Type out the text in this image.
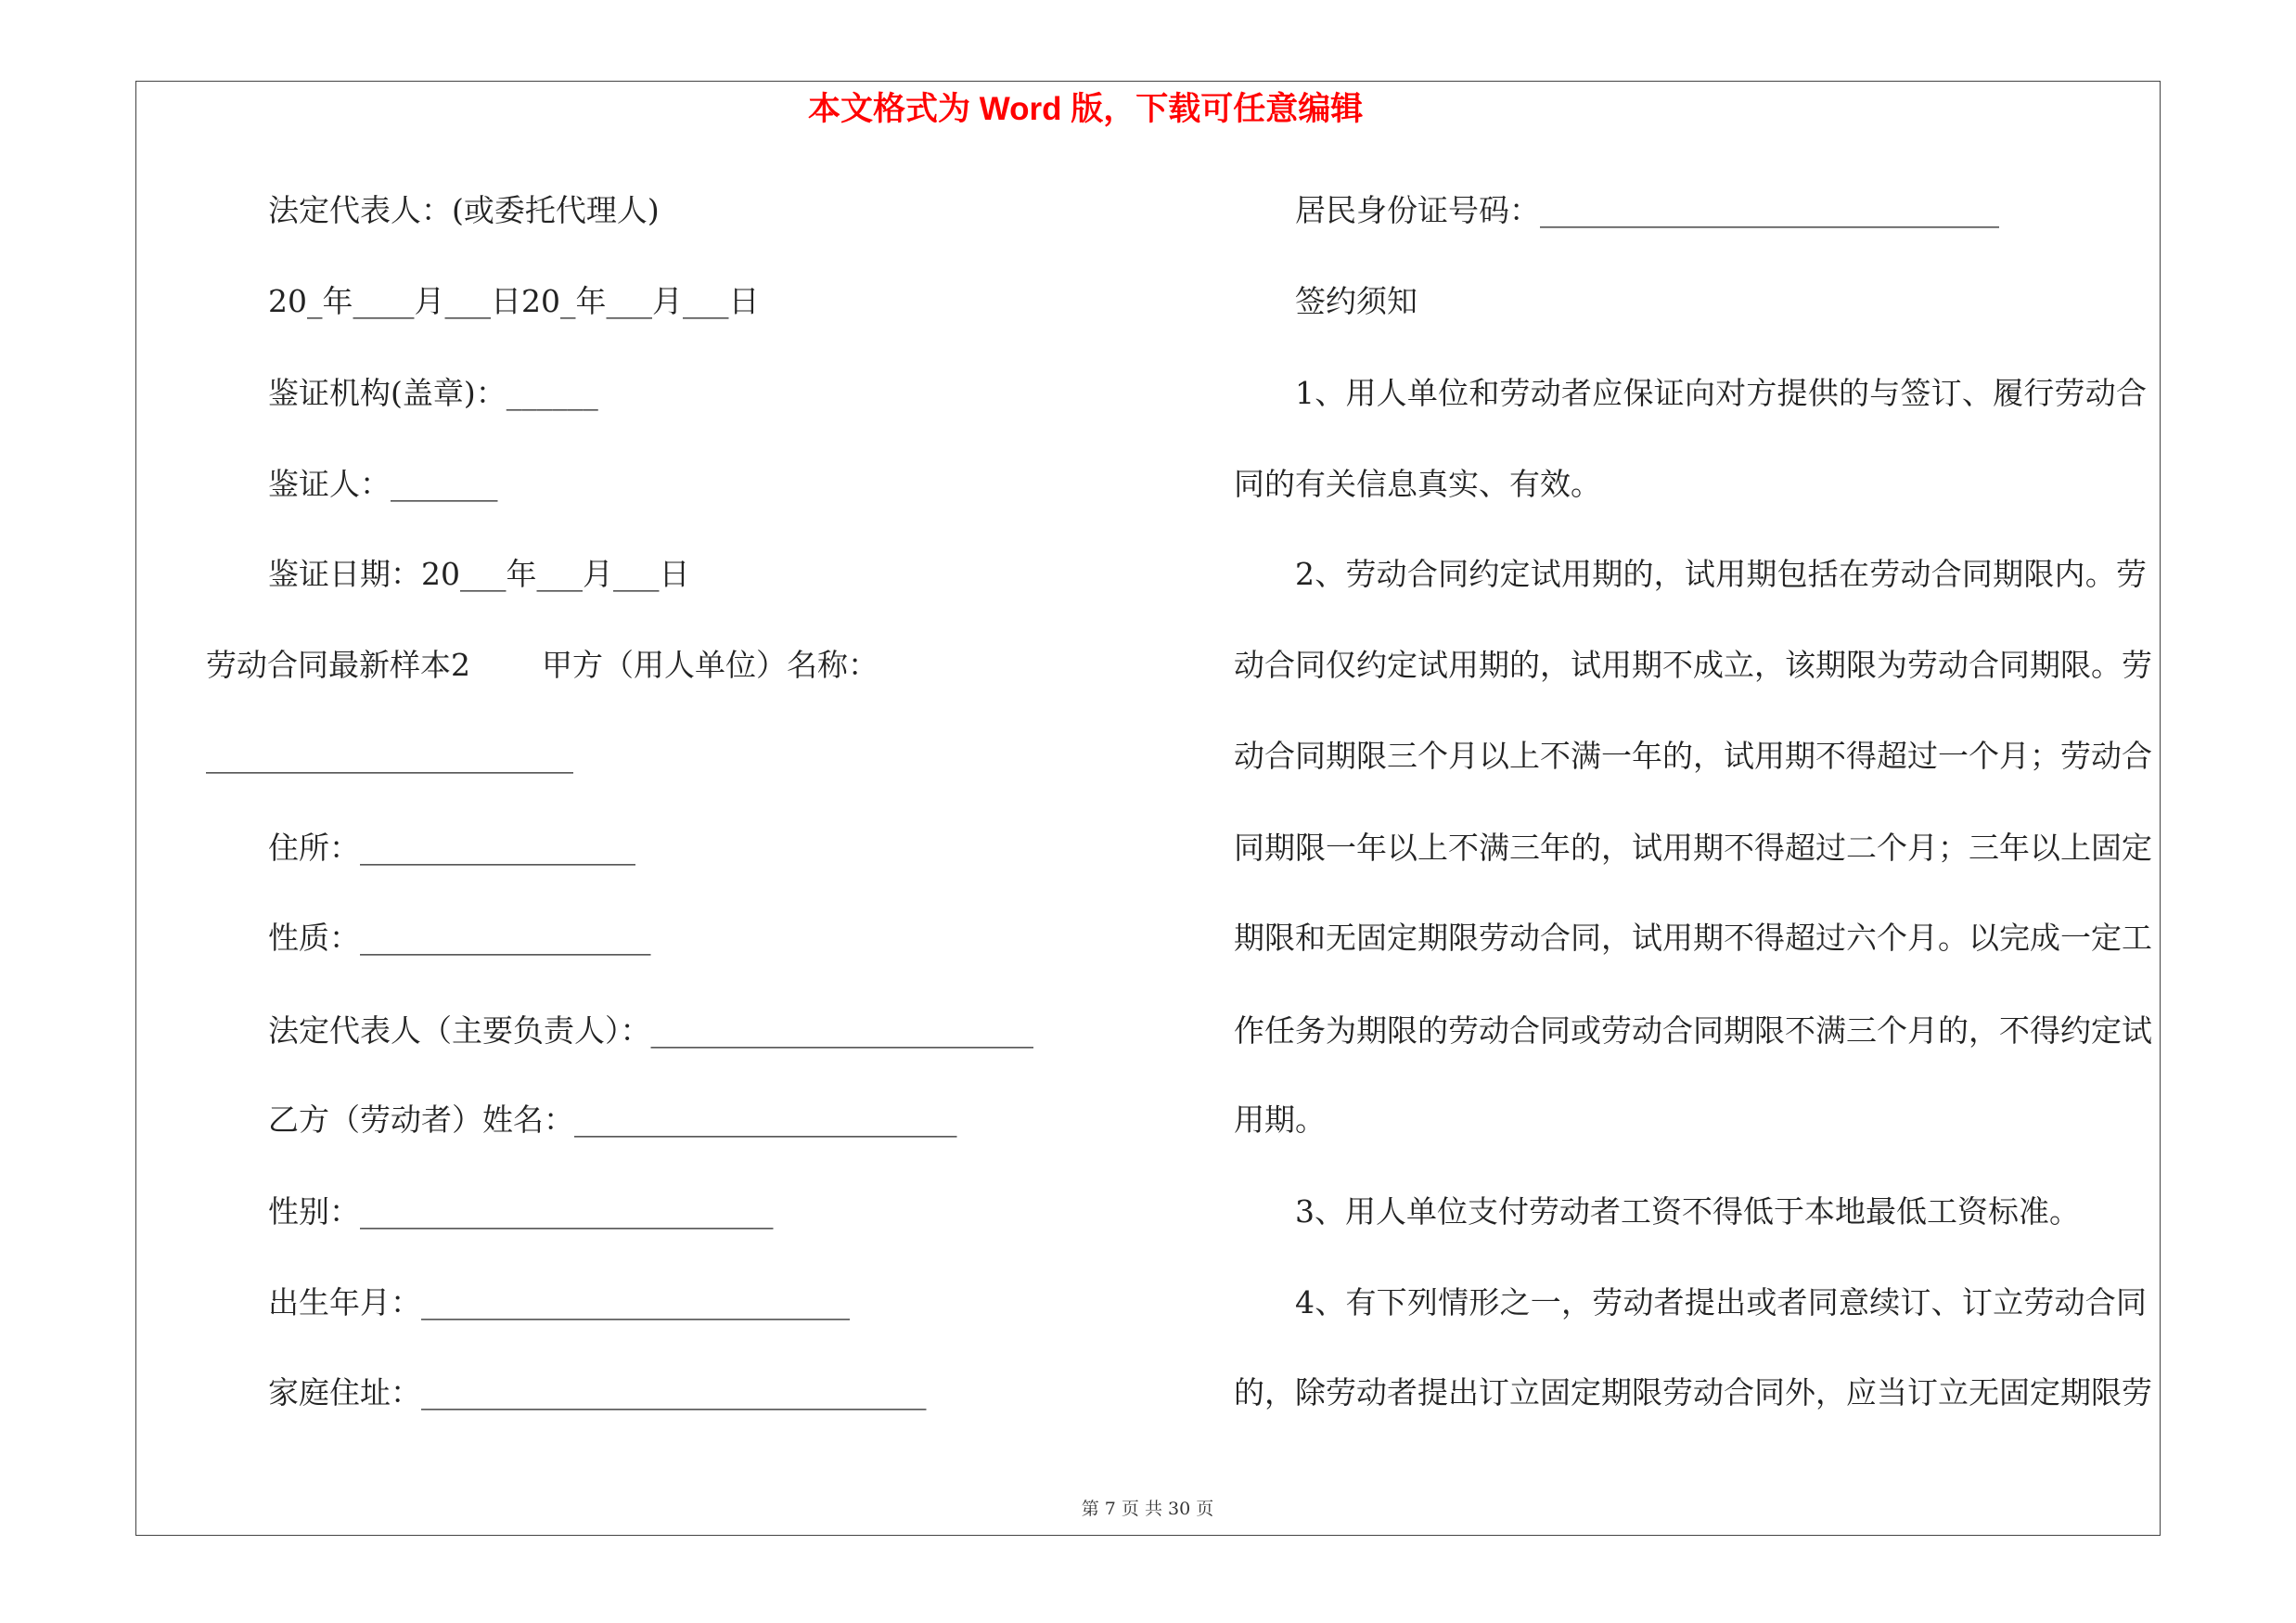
本文格式为 Word 版，下载可任意编辑
法定代表人：(或委托代理人)
20_年____月___日20_年___月___日
鉴证机构(盖章)：______
鉴证人：_______
鉴证日期：20___年___月___日
劳动合同最新样本2 甲方（用人单位）名称：
________________________
住所：__________________
性质：___________________
法定代表人（主要负责人）：_________________________
乙方（劳动者）姓名：_________________________
性别：___________________________
出生年月：____________________________
家庭住址：_________________________________
居民身份证号码：______________________________
签约须知
1、用人单位和劳动者应保证向对方提供的与签订、履行劳动合
同的有关信息真实、有效。
2、劳动合同约定试用期的，试用期包括在劳动合同期限内。劳
动合同仅约定试用期的，试用期不成立，该期限为劳动合同期限。劳
动合同期限三个月以上不满一年的，试用期不得超过一个月；劳动合
同期限一年以上不满三年的，试用期不得超过二个月；三年以上固定
期限和无固定期限劳动合同，试用期不得超过六个月。以完成一定工
作任务为期限的劳动合同或劳动合同期限不满三个月的，不得约定试
用期。
3、用人单位支付劳动者工资不得低于本地最低工资标准。
4、有下列情形之一，劳动者提出或者同意续订、订立劳动合同
的，除劳动者提出订立固定期限劳动合同外，应当订立无固定期限劳
第 7 页 共 30 页
